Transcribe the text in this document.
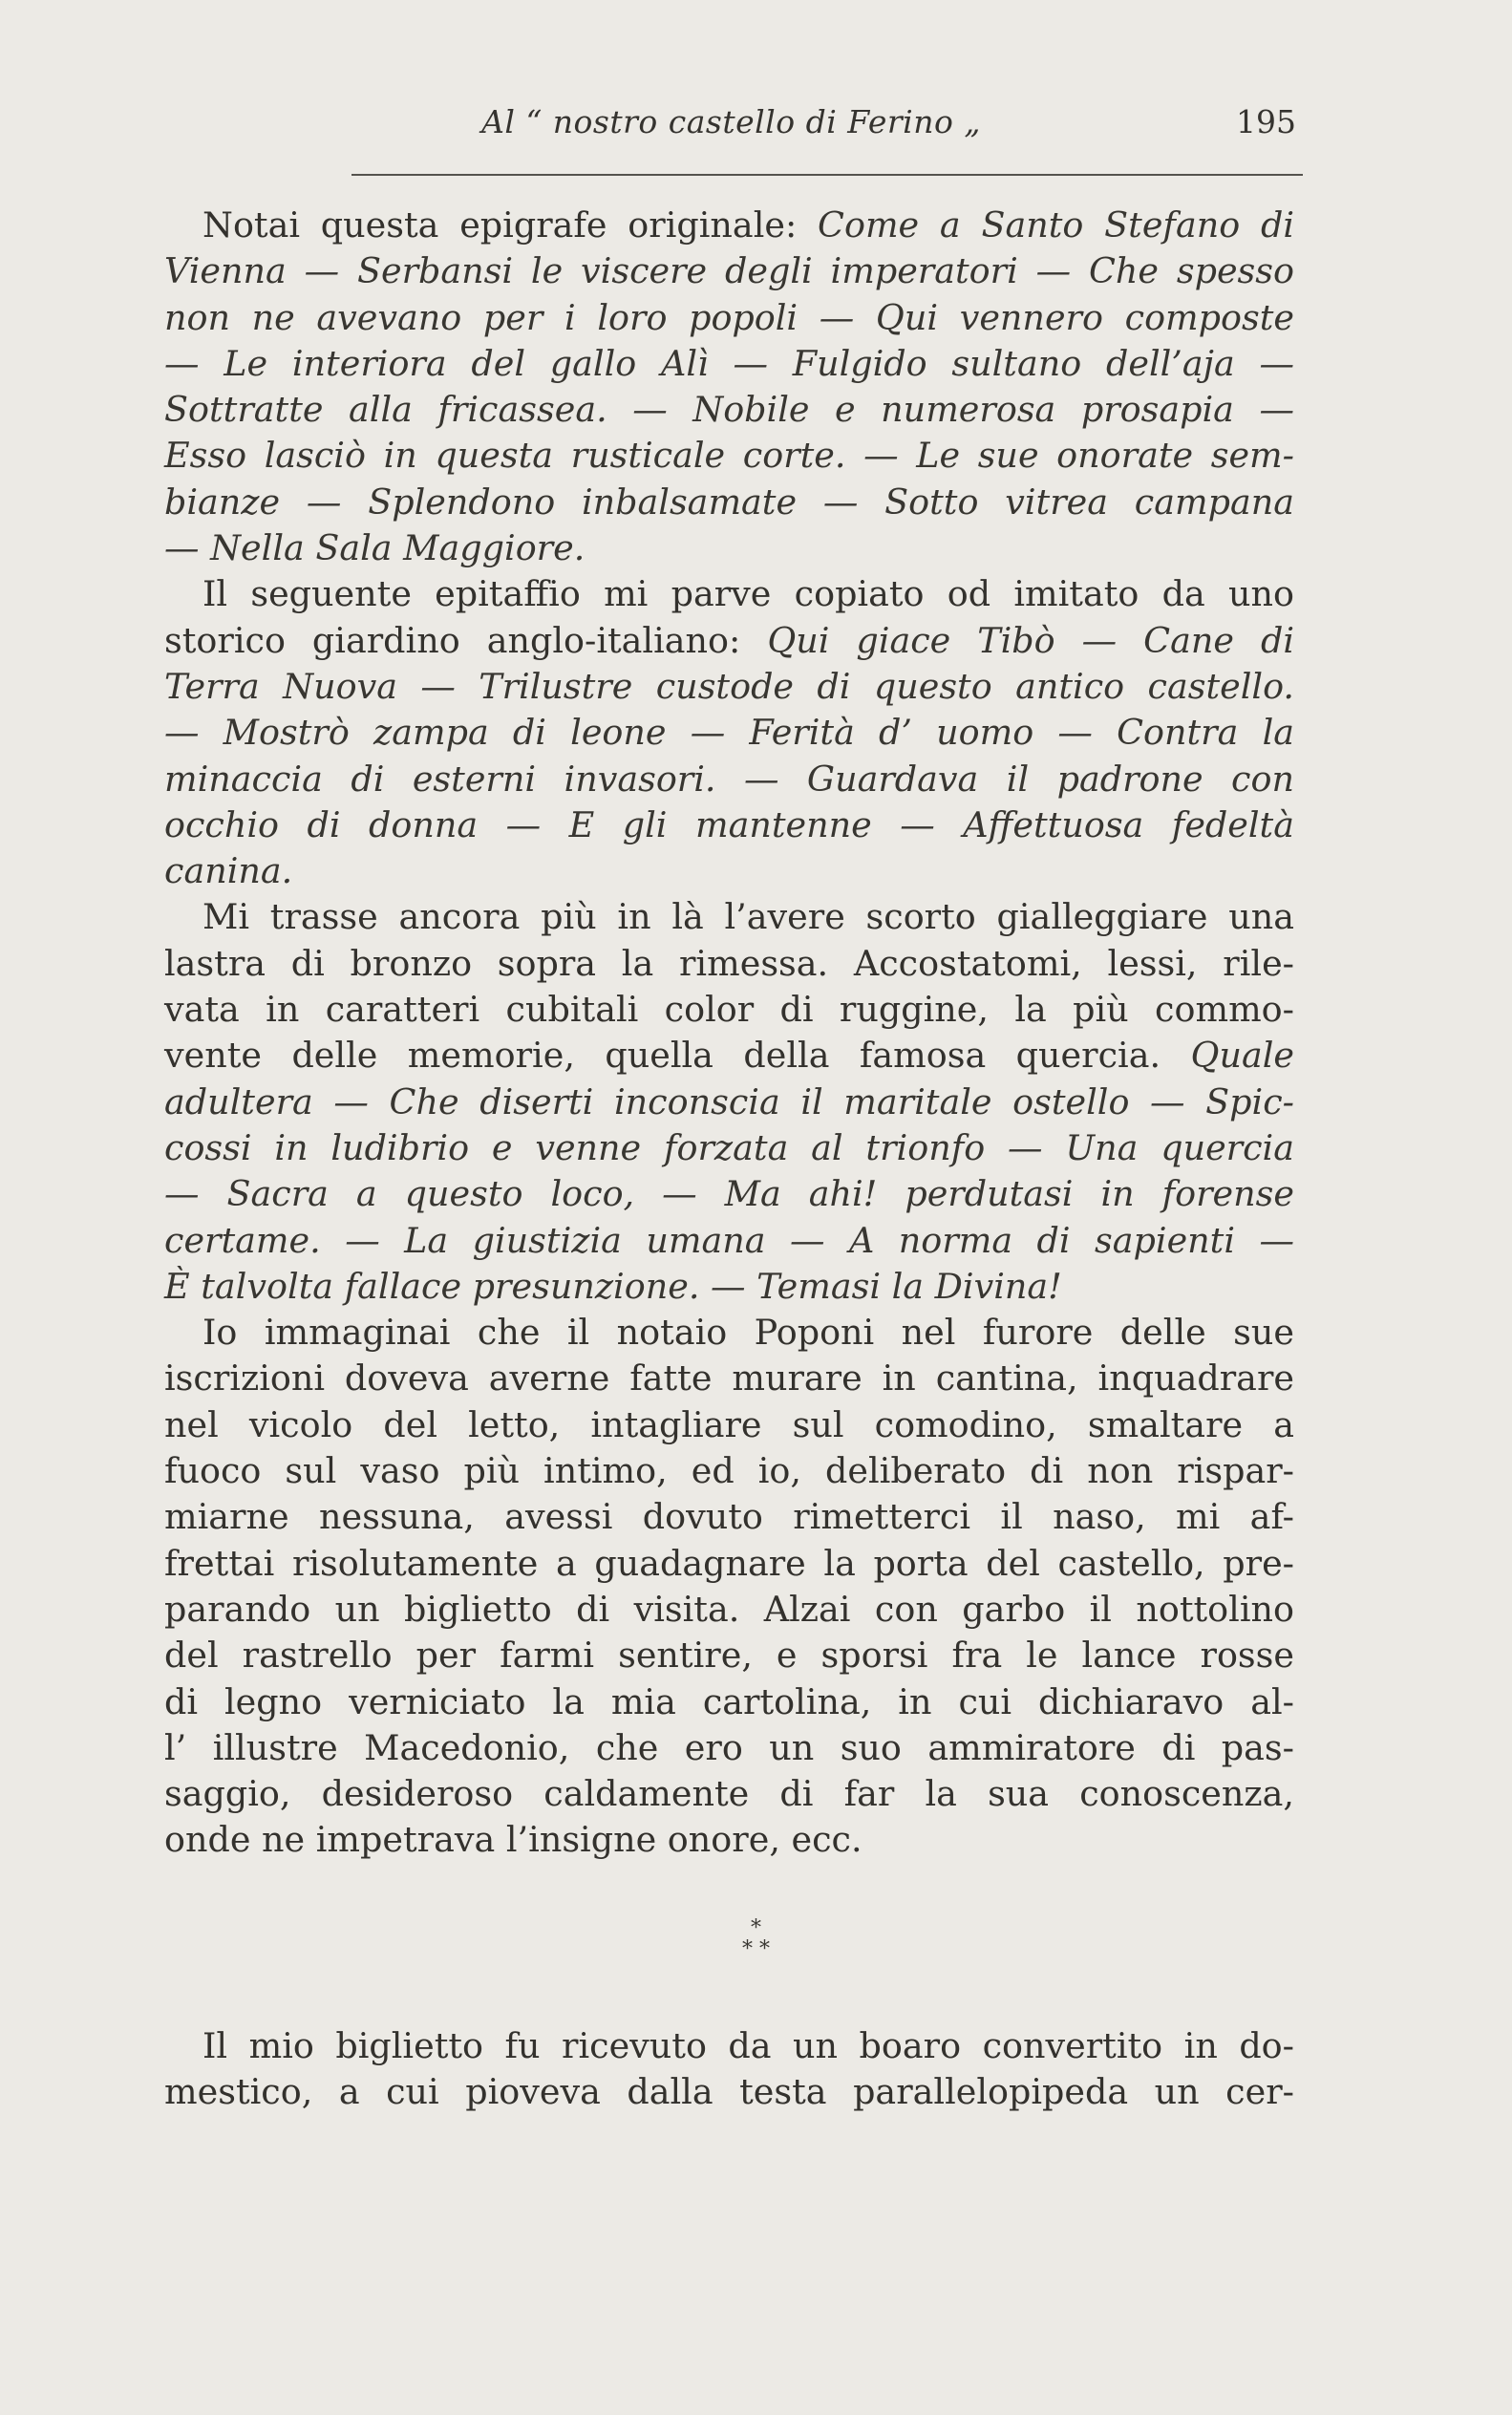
Al “ nostro castello di Ferino „	195
Notai questa epigrafe originale: Come a Santo Stefano di
Vienna — Serbansi le viscere degli imperatori — Che spesso
non ne avevano per i loro popoli — Qui vennero composte
— Le interiora del gallo Alì — Fulgido sultano dell’aja —
Sottratte alla fricassea. — Nobile e numerosa prosapia —
Esso lasciò in questa rusticale corte. — Le sue onorate sem-
bianze — Splendono inbalsamate — Sotto vitrea campana
— Nella Sala Maggiore.
Il seguente epitaffio mi parve copiato od imitato da uno
storico giardino anglo-italiano: Qui giace Tibò — Cane di
Terra Nuova — Trilustre custode di questo antico castello.
— Mostrò zampa di leone — Ferità d’ uomo — Contra la
minaccia di esterni invasori. — Guardava il padrone con
occhio di donna — E gli mantenne — Affettuosa fedeltà
canina.
Mi trasse ancora più in là l’avere scorto gialleggiare una
lastra di bronzo sopra la rimessa. Accostatomi, lessi, rile-
vata in caratteri cubitali color di ruggine, la più commo-
vente delle memorie, quella della famosa quercia. Quale
adultera — Che diserti inconscia il maritale ostello — Spic-
cossi in ludibrio e venne forzata al trionfo — Una quercia
— Sacra a questo loco, — Ma ahi! perdutasi in forense
certame. — La giustizia umana — A norma di sapienti —
È talvolta fallace presunzione. — Temasi la Divina!
Io immaginai che il notaio Poponi nel furore delle sue
iscrizioni doveva averne fatte murare in cantina, inquadrare
nel vicolo del letto, intagliare sul comodino, smaltare a
fuoco sul vaso più intimo, ed io, deliberato di non rispar-
miarne nessuna, avessi dovuto rimetterci il naso, mi af-
frettai risolutamente a guadagnare la porta del castello, pre-
parando un biglietto di visita. Alzai con garbo il nottolino
del rastrello per farmi sentire, e sporsi fra le lance rosse
di legno verniciato la mia cartolina, in cui dichiaravo al-
l’ illustre Macedonio, che ero un suo ammiratore di pas-
saggio, desideroso caldamente di far la sua conoscenza,
onde ne impetrava l’insigne onore, ecc.
*
* *
Il mio biglietto fu ricevuto da un boaro convertito in do-
mestico, a cui pioveva dalla testa parallelopipeda un cer-
